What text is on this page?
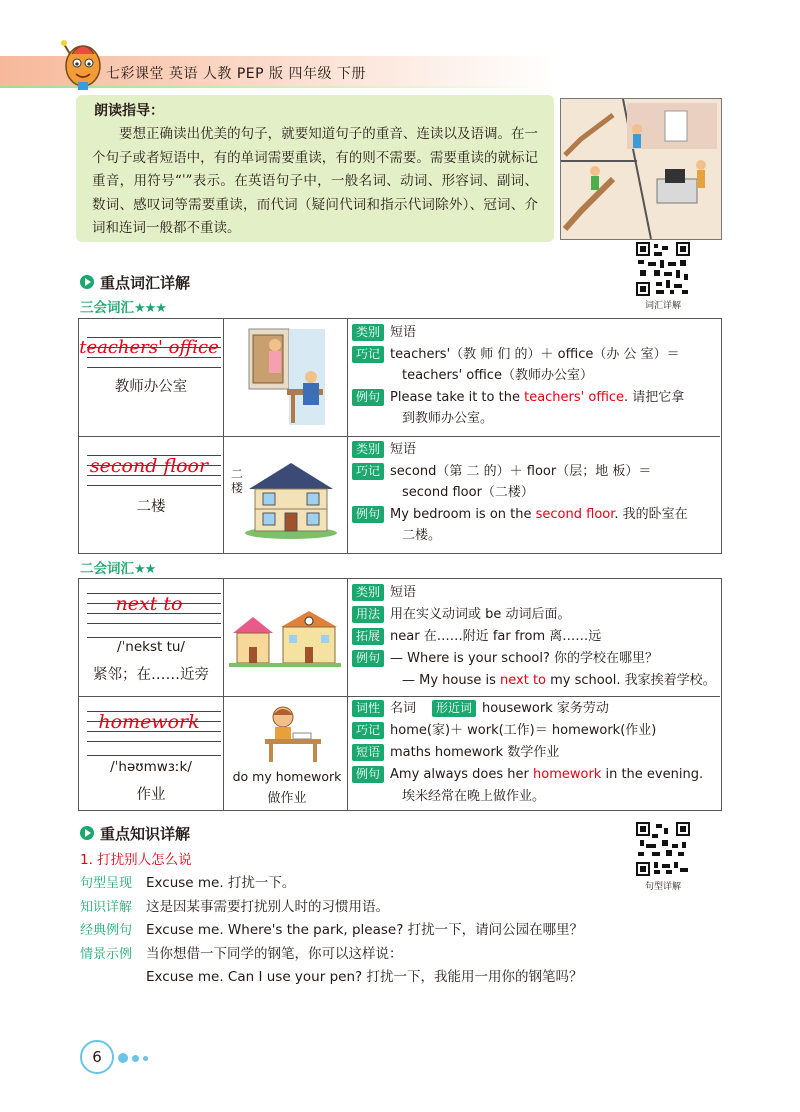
七彩课堂 英语 人教 PEP 版 四年级 下册
朗读指导：
要想正确读出优美的句子，就要知道句子的重音、连读以及语调。在一个句子或者短语中，有的单词需要重读，有的则不需要。需要重读的就标记重音，用符号“ˈ”表示。在英语句子中，一般名词、动词、形容词、副词、数词、感叹词等需要重读，而代词（疑问代词和指示代词除外）、冠词、介词和连词一般都不重读。
词汇详解
重点词汇详解
三会词汇★★★
teachers' office
教师办公室
second floor
二楼
二楼
类别 短语
巧记 teachers'（教 师 们 的）＋ office（办 公 室）＝
teachers' office（教师办公室）
例句 Please take it to the teachers' office. 请把它拿
到教师办公室。
类别 短语
巧记 second（第 二 的）＋ floor（层；地 板）＝
second floor（二楼）
例句 My bedroom is on the second floor. 我的卧室在
二楼。
二会词汇★★
next to
/ˈnekst tu/
紧邻；在……近旁
homework
/ˈhəʊmwɜːk/
作业
do my homework
做作业
类别 短语
用法 用在实义动词或 be 动词后面。
拓展 near 在……附近 far from 离……远
例句 — Where is your school? 你的学校在哪里？
— My house is next to my school. 我家挨着学校。
词性 名词 形近词 housework 家务劳动
巧记 home(家)＋ work(工作)＝ homework(作业)
短语 maths homework 数学作业
例句 Amy always does her homework in the evening.
埃米经常在晚上做作业。
重点知识详解
1. 打扰别人怎么说
句型详解
句型呈现 Excuse me. 打扰一下。
知识详解 这是因某事需要打扰别人时的习惯用语。
经典例句 Excuse me. Where's the park, please? 打扰一下，请问公园在哪里？
情景示例 当你想借一下同学的钢笔，你可以这样说：
Excuse me. Can I use your pen? 打扰一下，我能用一用你的钢笔吗？
6
